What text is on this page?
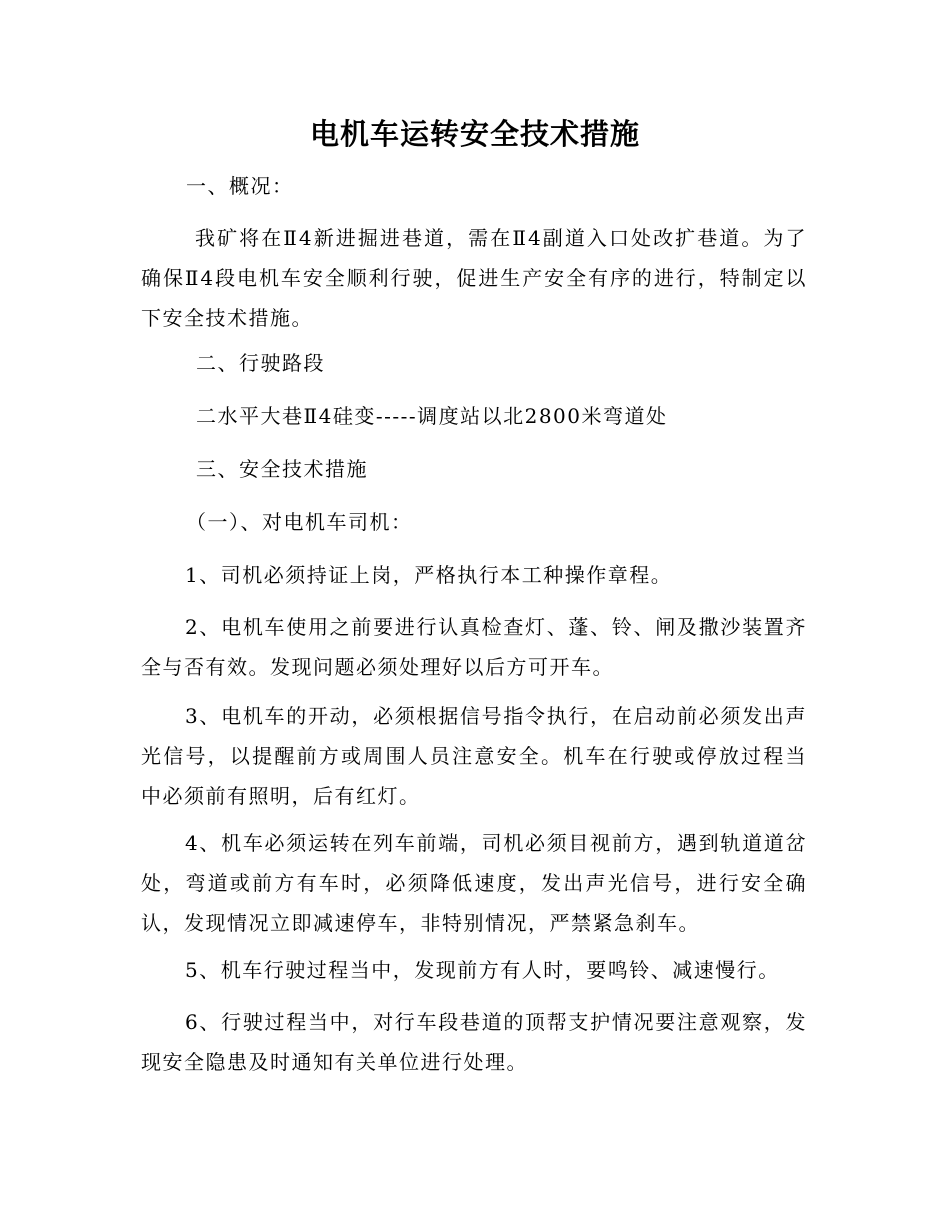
电机车运转安全技术措施

一、概况：

我矿将在Ⅱ4新进掘进巷道，需在Ⅱ4副道入口处改扩巷道。为了确保Ⅱ4段电机车安全顺利行驶，促进生产安全有序的进行，特制定以下安全技术措施。

二、行驶路段

二水平大巷Ⅱ4硅变-----调度站以北2800米弯道处

三、安全技术措施

（一）、对电机车司机：

1、司机必须持证上岗，严格执行本工种操作章程。

2、电机车使用之前要进行认真检查灯、蓬、铃、闸及撒沙装置齐全与否有效。发现问题必须处理好以后方可开车。

3、电机车的开动，必须根据信号指令执行，在启动前必须发出声光信号，以提醒前方或周围人员注意安全。机车在行驶或停放过程当中必须前有照明，后有红灯。

4、机车必须运转在列车前端，司机必须目视前方，遇到轨道道岔处，弯道或前方有车时，必须降低速度，发出声光信号，进行安全确认，发现情况立即减速停车，非特别情况，严禁紧急刹车。

5、机车行驶过程当中，发现前方有人时，要鸣铃、减速慢行。

6、行驶过程当中，对行车段巷道的顶帮支护情况要注意观察，发现安全隐患及时通知有关单位进行处理。
